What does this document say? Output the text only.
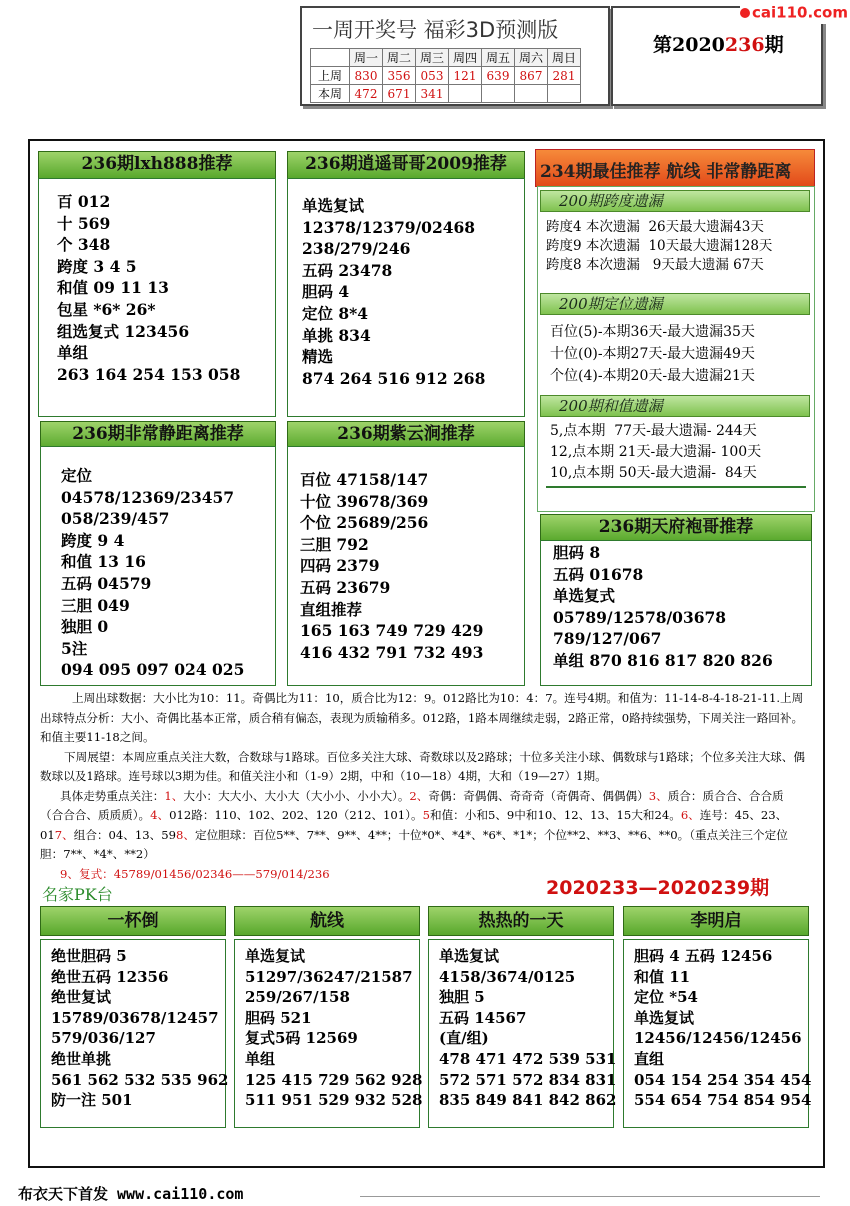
一周开奖号 福彩3D预测版
	周一	周二	周三	周四	周五	周六	周日
上周	830	356	053	121	639	867	281
本周	472	671	341				
第2020236期
cai110.com
236期lxh888推荐
百 012
十 569
个 348
跨度 3 4 5
和值 09 11 13
包星 *6* 26*
组选复式 123456
单组
263 164 254 153 058
236期逍遥哥哥2009推荐
单选复试
12378/12379/02468
238/279/246
五码 23478
胆码 4
定位 8*4
单挑 834
精选
874 264 516 912 268
236期非常静距离推荐
定位
04578/12369/23457
058/239/457
跨度 9 4
和值 13 16
五码 04579
三胆 049
独胆 0
5注
094 095 097 024 025
236期紫云涧推荐
百位 47158/147
十位 39678/369
个位 25689/256
三胆 792
四码 2379
五码 23679
直组推荐
165 163 749 729 429
416 432 791 732 493
234期最佳推荐 航线 非常静距离
200期跨度遗漏
跨度4 本次遗漏  26天最大遗漏43天
跨度9 本次遗漏  10天最大遗漏128天
跨度8 本次遗漏   9天最大遗漏 67天
200期定位遗漏
百位(5)-本期36天-最大遗漏35天
十位(0)-本期27天-最大遗漏49天
个位(4)-本期20天-最大遗漏21天
200期和值遗漏
5,点本期  77天-最大遗漏- 244天
12,点本期 21天-最大遗漏- 100天
10,点本期 50天-最大遗漏-  84天
236期天府袍哥推荐
胆码 8
五码 01678
单选复式
05789/12578/03678
789/127/067
单组 870 816 817 820 826
上周出球数据：大小比为10：11。奇偶比为11：10，质合比为12：9。012路比为10：4：7。连号4期。和值为：11-14-8-4-18-21-11.上周出球特点分析：大小、奇偶比基本正常，质合稍有偏态，表现为质输稍多。012路，1路本周继续走弱，2路正常，0路持续强势，下周关注一路回补。和值主要11-18之间。
下周展望：本周应重点关注大数，合数球与1路球。百位多关注大球、奇数球以及2路球；十位多关注小球、偶数球与1路球；个位多关注大球、偶数球以及1路球。连号球以3期为佳。和值关注小和（1-9）2期，中和（10—18）4期，大和（19—27）1期。
具体走势重点关注：1、大小：大大小、大小大（大小小、小小大）。2、奇偶：奇偶偶、奇奇奇（奇偶奇、偶偶偶）3、质合：质合合、合合质（合合合、质质质）。4、012路：110、102、202、120（212、101）。5和值：小和5、9中和10、12、13、15大和24。6、连号：45、23、017、组合：04、13、598、定位胆球：百位5**、7**、9**、4**；十位*0*、*4*、*6*、*1*；个位**2、**3、**6、**0。（重点关注三个定位胆：7**、*4*、**2）
9、复式：45789/01456/02346——579/014/236
名家PK台	2020233—2020239期
一杯倒
绝世胆码 5
绝世五码 12356
绝世复试
15789/03678/12457
579/036/127
绝世单挑
561 562 532 535 962
防一注 501
航线
单选复试
51297/36247/21587
259/267/158
胆码 521
复式5码 12569
单组
125 415 729 562 928
511 951 529 932 528
热热的一天
单选复试
4158/3674/0125
独胆 5
五码 14567
(直/组)
478 471 472 539 531
572 571 572 834 831
835 849 841 842 862
李明启
胆码 4 五码 12456
和值 11
定位 *54
单选复试
12456/12456/12456
直组
054 154 254 354 454
554 654 754 854 954
布衣天下首发 www.cai110.com
